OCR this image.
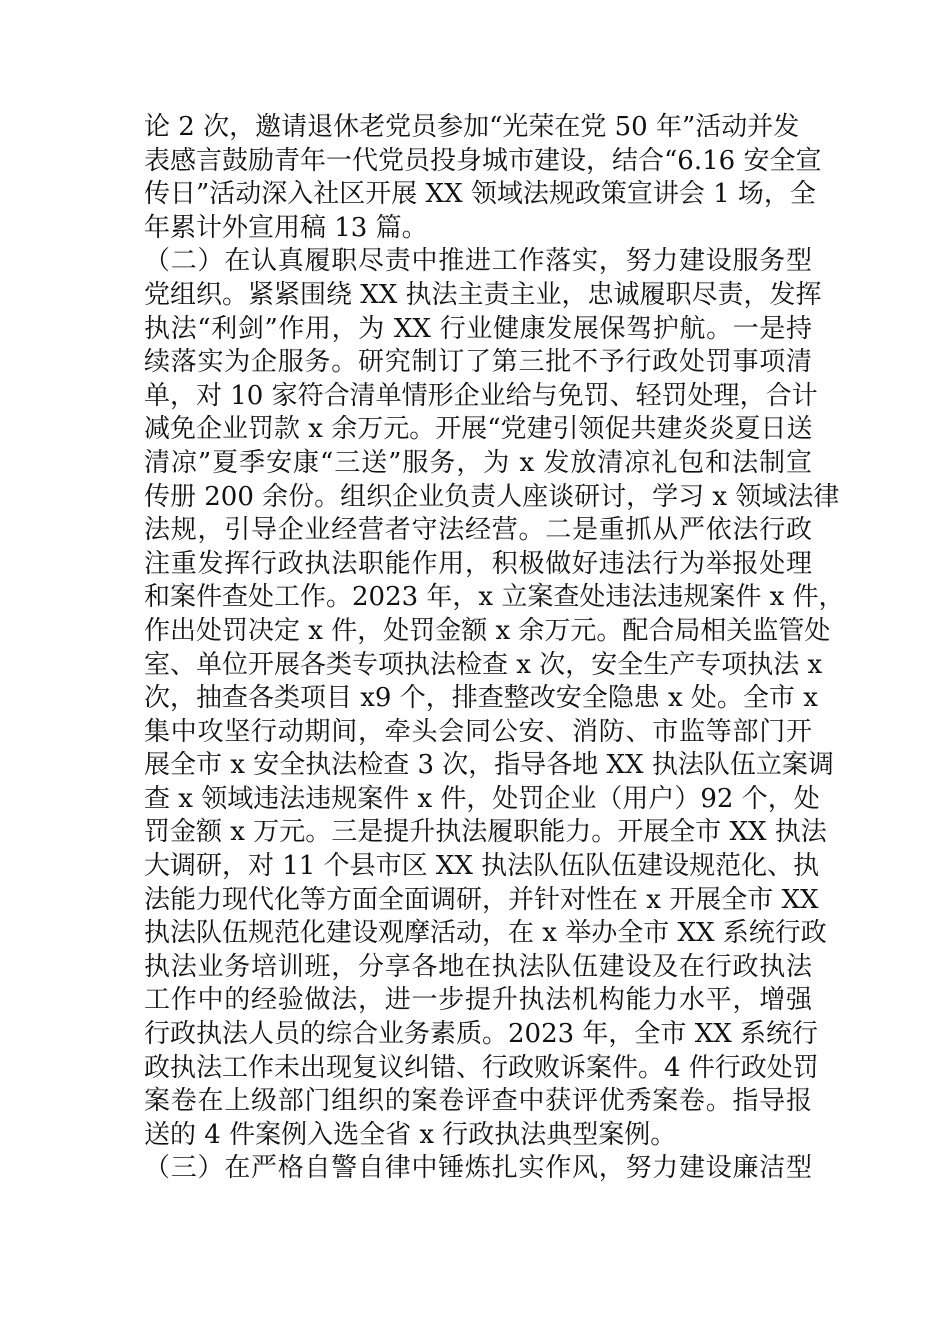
论 2 次，邀请退休老党员参加“光荣在党 50 年”活动并发
表感言鼓励青年一代党员投身城市建设，结合“6.16 安全宣
传日”活动深入社区开展 XX 领域法规政策宣讲会 1 场，全
年累计外宣用稿 13 篇。
（二）在认真履职尽责中推进工作落实，努力建设服务型
党组织。紧紧围绕 XX 执法主责主业，忠诚履职尽责，发挥
执法“利剑”作用，为 XX 行业健康发展保驾护航。一是持
续落实为企服务。研究制订了第三批不予行政处罚事项清
单，对 10 家符合清单情形企业给与免罚、轻罚处理，合计
减免企业罚款 x 余万元。开展“党建引领促共建炎炎夏日送
清凉”夏季安康“三送”服务，为 x 发放清凉礼包和法制宣
传册 200 余份。组织企业负责人座谈研讨，学习 x 领域法律
法规，引导企业经营者守法经营。二是重抓从严依法行政
注重发挥行政执法职能作用，积极做好违法行为举报处理
和案件查处工作。2023 年，x 立案查处违法违规案件 x 件，
作出处罚决定 x 件，处罚金额 x 余万元。配合局相关监管处
室、单位开展各类专项执法检查 x 次，安全生产专项执法 x
次，抽查各类项目 x9 个，排查整改安全隐患 x 处。全市 x
集中攻坚行动期间，牵头会同公安、消防、市监等部门开
展全市 x 安全执法检查 3 次，指导各地 XX 执法队伍立案调
查 x 领域违法违规案件 x 件，处罚企业（用户）92 个，处
罚金额 x 万元。三是提升执法履职能力。开展全市 XX 执法
大调研，对 11 个县市区 XX 执法队伍队伍建设规范化、执
法能力现代化等方面全面调研，并针对性在 x 开展全市 XX
执法队伍规范化建设观摩活动，在 x 举办全市 XX 系统行政
执法业务培训班，分享各地在执法队伍建设及在行政执法
工作中的经验做法，进一步提升执法机构能力水平，增强
行政执法人员的综合业务素质。2023 年，全市 XX 系统行
政执法工作未出现复议纠错、行政败诉案件。4 件行政处罚
案卷在上级部门组织的案卷评查中获评优秀案卷。指导报
送的 4 件案例入选全省 x 行政执法典型案例。
（三）在严格自警自律中锤炼扎实作风，努力建设廉洁型
